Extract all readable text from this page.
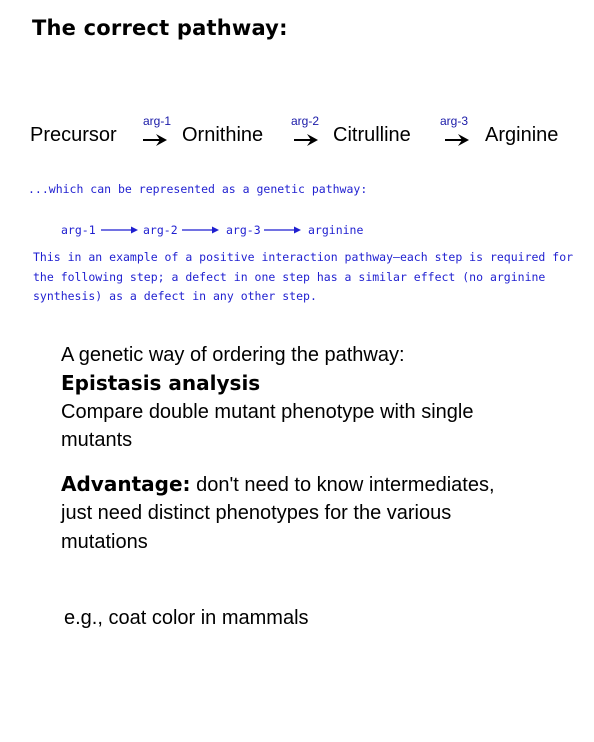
The correct pathway:
Precursor
arg-1
Ornithine
arg-2
Citrulline
arg-3
Arginine
...which can be represented as a genetic pathway:
arg-1	arg-2	arg-3	arginine
This in an example of a positive interaction pathway—each step is required for the following step; a defect in one step has a similar effect (no arginine synthesis) as a defect in any other step.
A genetic way of ordering the pathway:
Epistasis analysis
Compare double mutant phenotype with single
mutants
Advantage: don't need to know intermediates,
just need distinct phenotypes for the various
mutations
e.g., coat color in mammals
